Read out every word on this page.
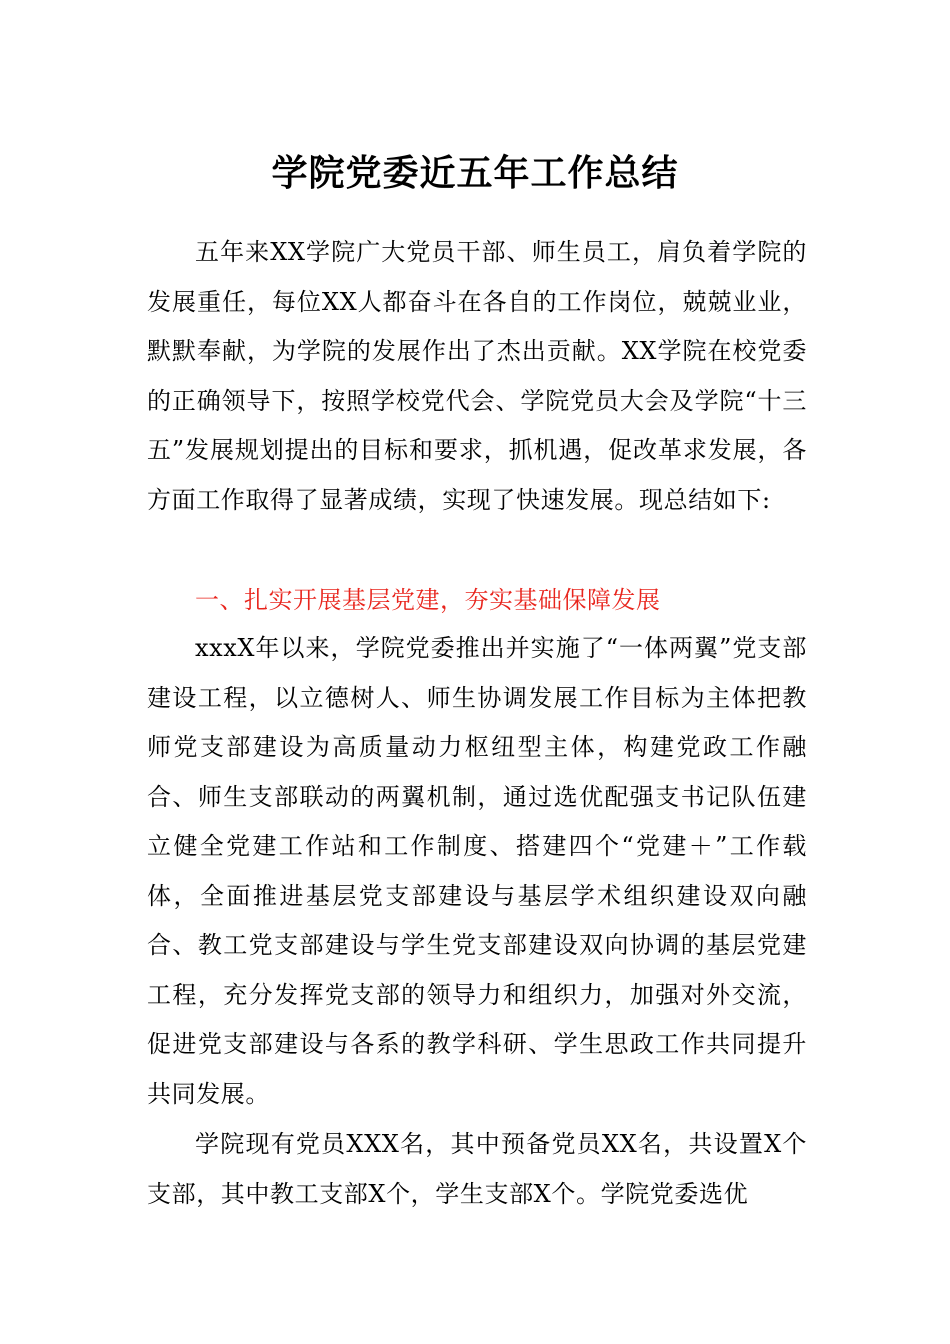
学院党委近五年工作总结

五年来XX学院广大党员干部、师生员工，肩负着学院的发展重任，每位XX人都奋斗在各自的工作岗位，兢兢业业，默默奉献，为学院的发展作出了杰出贡献。XX学院在校党委的正确领导下，按照学校党代会、学院党员大会及学院“十三五”发展规划提出的目标和要求，抓机遇，促改革求发展，各方面工作取得了显著成绩，实现了快速发展。现总结如下:

一、扎实开展基层党建，夯实基础保障发展

xxxX年以来，学院党委推出并实施了“一体两翼”党支部建设工程，以立德树人、师生协调发展工作目标为主体把教师党支部建设为高质量动力枢纽型主体，构建党政工作融合、师生支部联动的两翼机制，通过选优配强支书记队伍建立健全党建工作站和工作制度、搭建四个“党建＋”工作载体，全面推进基层党支部建设与基层学术组织建设双向融合、教工党支部建设与学生党支部建设双向协调的基层党建工程，充分发挥党支部的领导力和组织力，加强对外交流，促进党支部建设与各系的教学科研、学生思政工作共同提升共同发展。

学院现有党员XXX名，其中预备党员XX名，共设置X个支部，其中教工支部X个，学生支部X个。学院党委选优
